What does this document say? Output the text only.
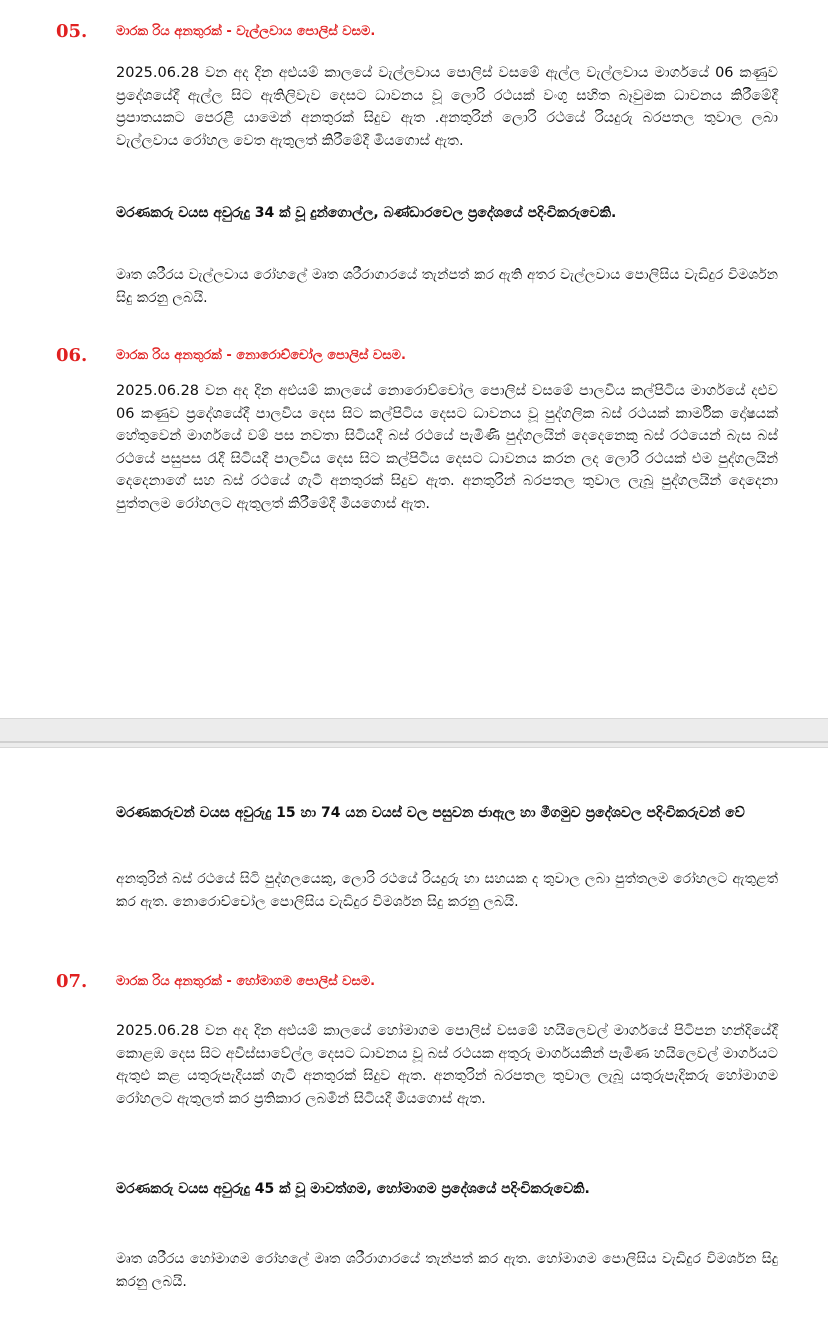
05. මාරක රිය අනතුරක් - වැල්ලවාය පොලිස් වසම.

2025.06.28 වන අද දින අළුයම් කාලයේ වැල්ලවාය පොලිස් වසමේ ඇල්ල වැල්ලවාය මාර්ගයේ 06 කණුව ප්‍රදේශයේදී ඇල්ල සිට ඇතිලිවැව දෙසට ධාවනය වූ ලොරි රථයක් වංගු සහිත බෑවුමක ධාවනය කිරීමේදී ප්‍රපාතයකට පෙරළී යාමෙන් අනතුරක් සිදුව ඇත .අනතුරින් ලොරි රථයේ රියදුරු බරපතල තුවාල ලබා වැල්ලවාය රෝහල වෙත ඇතුලත් කිරීමේදී මියගොස් ඇත.

මරණකරු වයස අවුරුදු 34 ක් වූ දුන්ගොල්ල, බණ්ඩාරවෙල ප්‍රදේශයේ පදිංචිකරුවෙකි.

මෘත ශරීරය වැල්ලවාය රෝහලේ මෘත ශරීරාගාරයේ තැන්පත් කර ඇති අතර වැල්ලවාය පොලිසිය වැඩිදුර විමර්ශන සිදු කරනු ලබයි.

06. මාරක රිය අනතුරක් - නොරොච්චෝල පොලිස් වසම.

2025.06.28 වන අද දින අළුයම් කාලයේ නොරොච්චෝල පොලිස් වසමේ පාලවිය කල්පිටිය මාර්ගයේ දළුව 06 කණුව ප්‍රදේශයේදී පාලවිය දෙස සිට කල්පිටිය දෙසට ධාවනය වූ පුද්ගලික බස් රථයක් කාර්මික දෝෂයක් හේතුවෙන් මාර්ගයේ වම් පස නවතා සිටියදී බස් රථයේ පැමිණි පුද්ගලයින් දෙදෙනෙකු බස් රථයෙන් බැස බස් රථයේ පසුපස රැදී සිටියදී පාලවිය දෙස සිට කල්පිටිය දෙසට ධාවනය කරන ලද ලොරි රථයක් එම පුද්ගලයින් දෙදෙනාගේ සහ බස් රථයේ ගැටී අනතුරක් සිදුව ඇත. අනතුරින් බරපතල තුවාල ලැබූ පුද්ගලයින් දෙදෙනා පුත්තලම රෝහලට ඇතුලත් කිරීමේදී මියගොස් ඇත.

මරණකරුවන් වයස අවුරුදු 15 හා 74 යන වයස් වල පසුවන ජාඇල හා මීගමුව ප්‍රදේශවල පදිංචිකරුවන් වේ

අනතුරින් බස් රථයේ සිටි පුද්ගලයෙකු, ලොරි රථයේ රියදුරු හා සහයක ද තුවාල ලබා පුත්තලම රෝහලට ඇතුළත් කර ඇත. නොරොච්චෝල පොලිසිය වැඩිදුර විමර්ශන සිදු කරනු ලබයි.

07. මාරක රිය අනතුරක් - හෝමාගම පොලිස් වසම.

2025.06.28 වන අද දින අළුයම් කාලයේ හෝමාගම පොලිස් වසමේ හයිලෙවල් මාර්ගයේ පිටිපන හන්දියේදී කොළඹ දෙස සිට අවිස්සාවේල්ල දෙසට ධාවනය වූ බස් රථයක අතුරු මාර්ගයකින් පැමිණ හයිලෙවල් මාර්ගයට ඇතුළු කළ යතුරුපැදියක් ගැටී අනතුරක් සිදුව ඇත. අනතුරින් බරපතල තුවාල ලැබූ යතුරුපැදිකරු හෝමාගම රෝහලට ඇතුලත් කර ප්‍රතිකාර ලබමින් සිටියදී මියගොස් ඇත.

මරණකරු වයස අවුරුදු 45 ක් වූ මාවත්ගම, හෝමාගම ප්‍රදේශයේ පදිංචිකරුවෙකි.

මෘත ශරීරය හෝමාගම රෝහලේ මෘත ශරීරාගාරයේ තැන්පත් කර ඇත. හෝමාගම පොලිසිය වැඩිදුර විමර්ශන සිදු කරනු ලබයි.
